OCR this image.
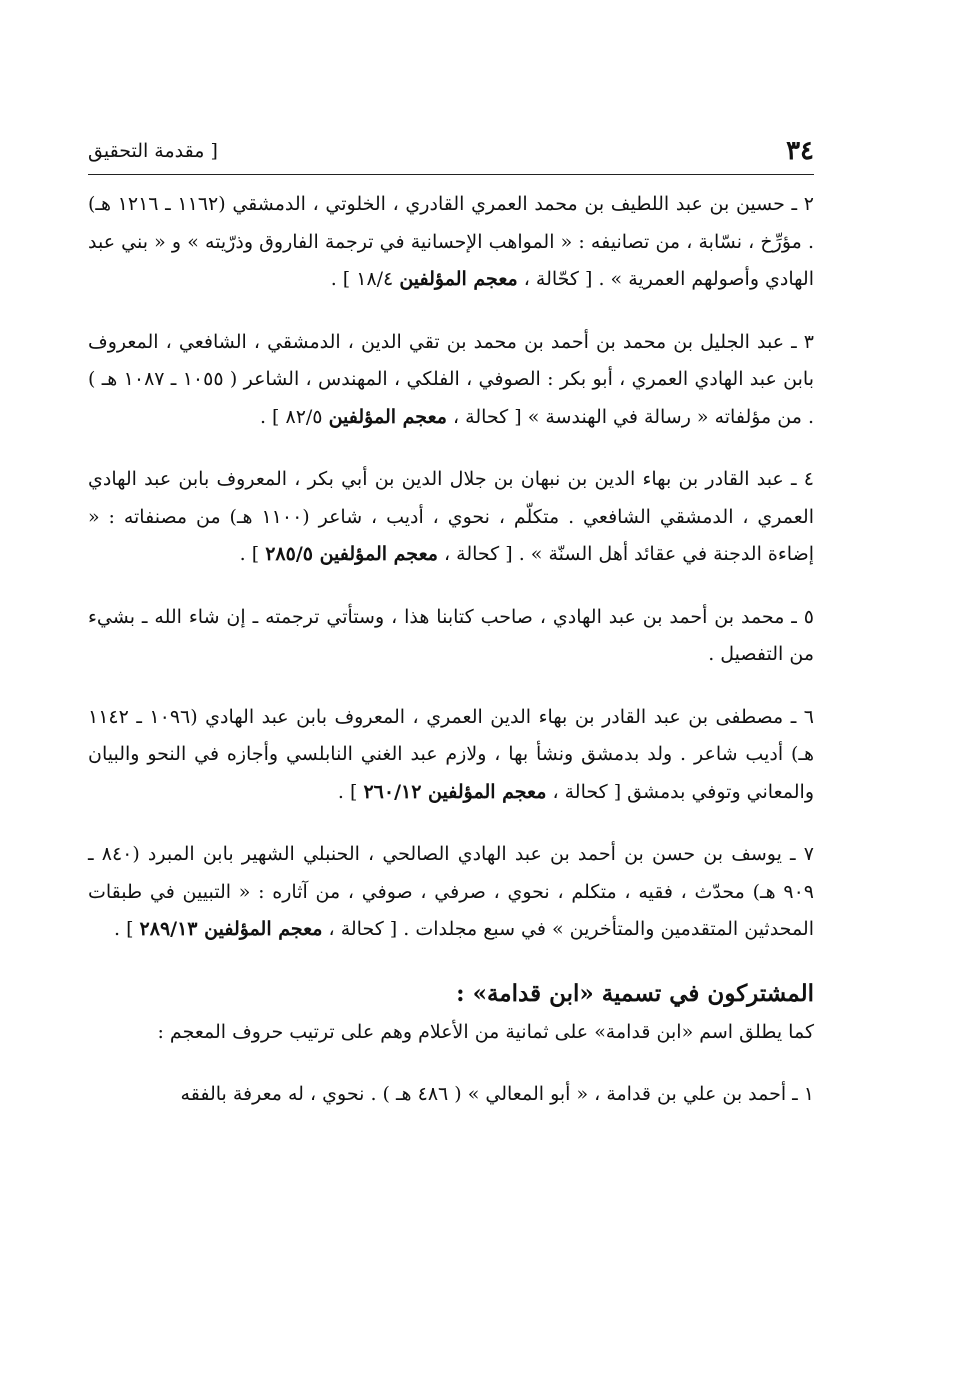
٣٤
[ مقدمة التحقيق

٢ ـ حسين بن عبد اللطيف بن محمد العمري القادري ، الخلوتي ، الدمشقي (١١٦٢ ـ ١٢١٦ هـ) . مؤرِّخ ، نسّابة ، من تصانيفه : « المواهب الإحسانية في ترجمة الفاروق وذرّيته » و « بني عبد الهادي وأصولهم العمرية » . [ كحّالة ، معجم المؤلفين ١٨/٤ ] .

٣ ـ عبد الجليل بن محمد بن أحمد بن محمد بن تقي الدين ، الدمشقي ، الشافعي ، المعروف بابن عبد الهادي العمري ، أبو بكر : الصوفي ، الفلكي ، المهندس ، الشاعر ( ١٠٥٥ ـ ١٠٨٧ هـ ) . من مؤلفاته « رسالة في الهندسة » [ كحالة ، معجم المؤلفين ٨٢/٥ ] .

٤ ـ عبد القادر بن بهاء الدين بن نبهان بن جلال الدين بن أبي بكر ، المعروف بابن عبد الهادي العمري ، الدمشقي الشافعي . متكلّم ، نحوي ، أديب ، شاعر (١١٠٠ هـ) من مصنفاته : « إضاءة الدجنة في عقائد أهل السنّة » . [ كحالة ، معجم المؤلفين ٢٨٥/٥ ] .

٥ ـ محمد بن أحمد بن عبد الهادي ، صاحب كتابنا هذا ، وستأتي ترجمته ـ إن شاء الله ـ بشيء من التفصيل .

٦ ـ مصطفى بن عبد القادر بن بهاء الدين العمري ، المعروف بابن عبد الهادي (١٠٩٦ ـ ١١٤٢ هـ) أديب شاعر . ولد بدمشق ونشأ بها ، ولازم عبد الغني النابلسي وأجازه في النحو والبيان والمعاني وتوفي بدمشق [ كحالة ، معجم المؤلفين ٢٦٠/١٢ ] .

٧ ـ يوسف بن حسن بن أحمد بن عبد الهادي الصالحي ، الحنبلي الشهير بابن المبرد (٨٤٠ ـ ٩٠٩ هـ) محدّث ، فقيه ، متكلم ، نحوي ، صرفي ، صوفي ، من آثاره : « التبيين في طبقات المحدثين المتقدمين والمتأخرين » في سبع مجلدات . [ كحالة ، معجم المؤلفين ٢٨٩/١٣ ] .

المشتركون في تسمية «ابن قدامة» :

كما يطلق اسم «ابن قدامة» على ثمانية من الأعلام وهم على ترتيب حروف المعجم :

١ ـ أحمد بن علي بن قدامة ، « أبو المعالي » ( ٤٨٦ هـ ) . نحوي ، له معرفة بالفقه
